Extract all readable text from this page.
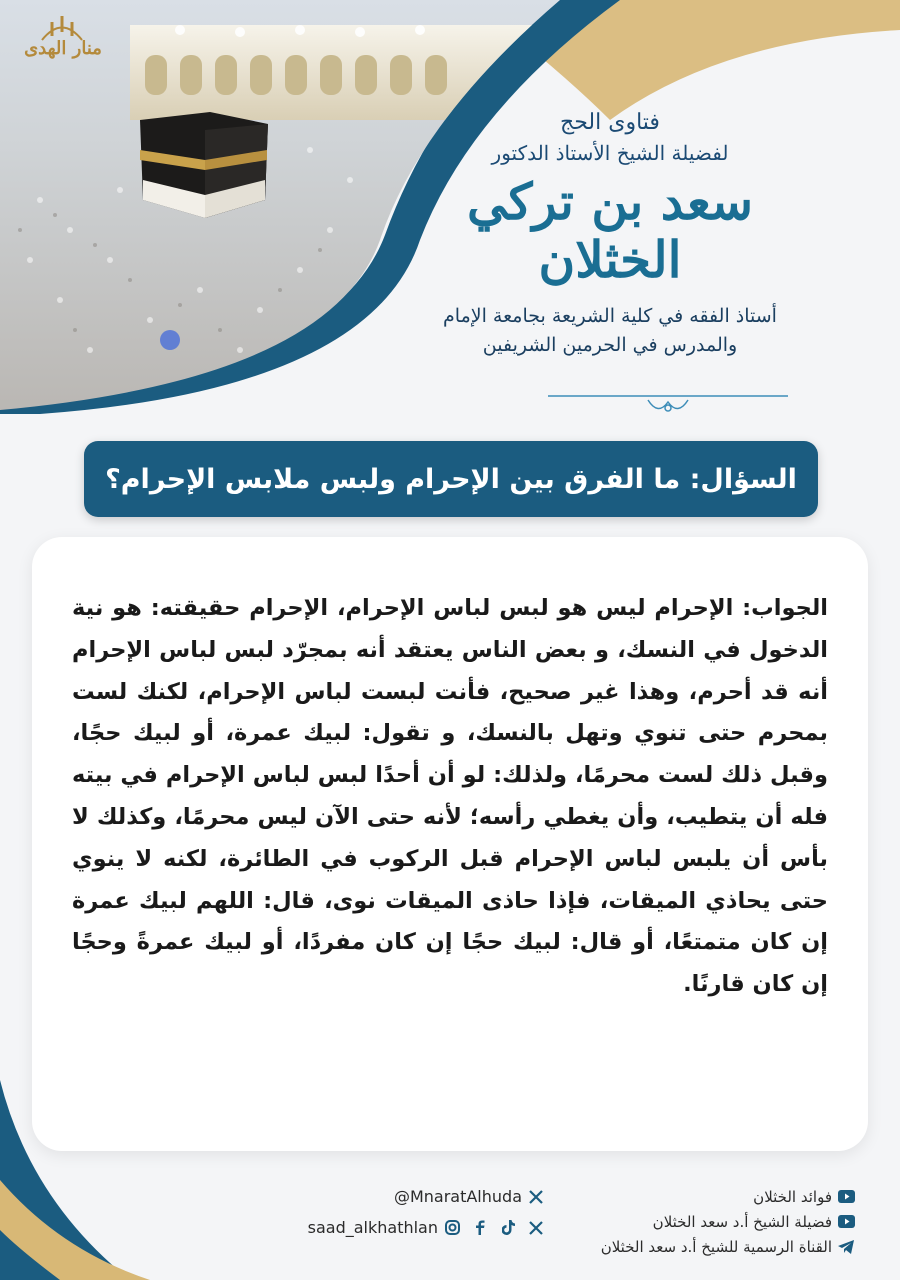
منار الهدى
فتاوى الحج
لفضيلة الشيخ الأستاذ الدكتور
سعد بن تركي الخثلان
أستاذ الفقه في كلية الشريعة بجامعة الإمام
والمدرس في الحرمين الشريفين
السؤال: ما الفرق بين الإحرام ولبس ملابس الإحرام؟
الجواب: الإحرام ليس هو لبس لباس الإحرام، الإحرام حقيقته: هو نية الدخول في النسك، و بعض الناس يعتقد أنه بمجرّد لبس لباس الإحرام أنه قد أحرم، وهذا غير صحيح، فأنت لبست لباس الإحرام، لكنك لست بمحرم حتى تنوي وتهل بالنسك، و تقول: لبيك عمرة، أو لبيك حجًا، وقبل ذلك لست محرمًا، ولذلك: لو أن أحدًا لبس لباس الإحرام في بيته فله أن يتطيب، وأن يغطي رأسه؛ لأنه حتى الآن ليس محرمًا، وكذلك لا بأس أن يلبس لباس الإحرام قبل الركوب في الطائرة، لكنه لا ينوي حتى يحاذي الميقات، فإذا حاذى الميقات نوى، قال: اللهم لبيك عمرة إن كان متمتعًا، أو قال: لبيك حجًا إن كان مفردًا، أو لبيك عمرةً وحجًا إن كان قارنًا.
فوائد الخثلان
فضيلة الشيخ أ.د سعد الخثلان
القناة الرسمية للشيخ أ.د سعد الخثلان
@MnaratAlhuda
saad_alkhathlan
